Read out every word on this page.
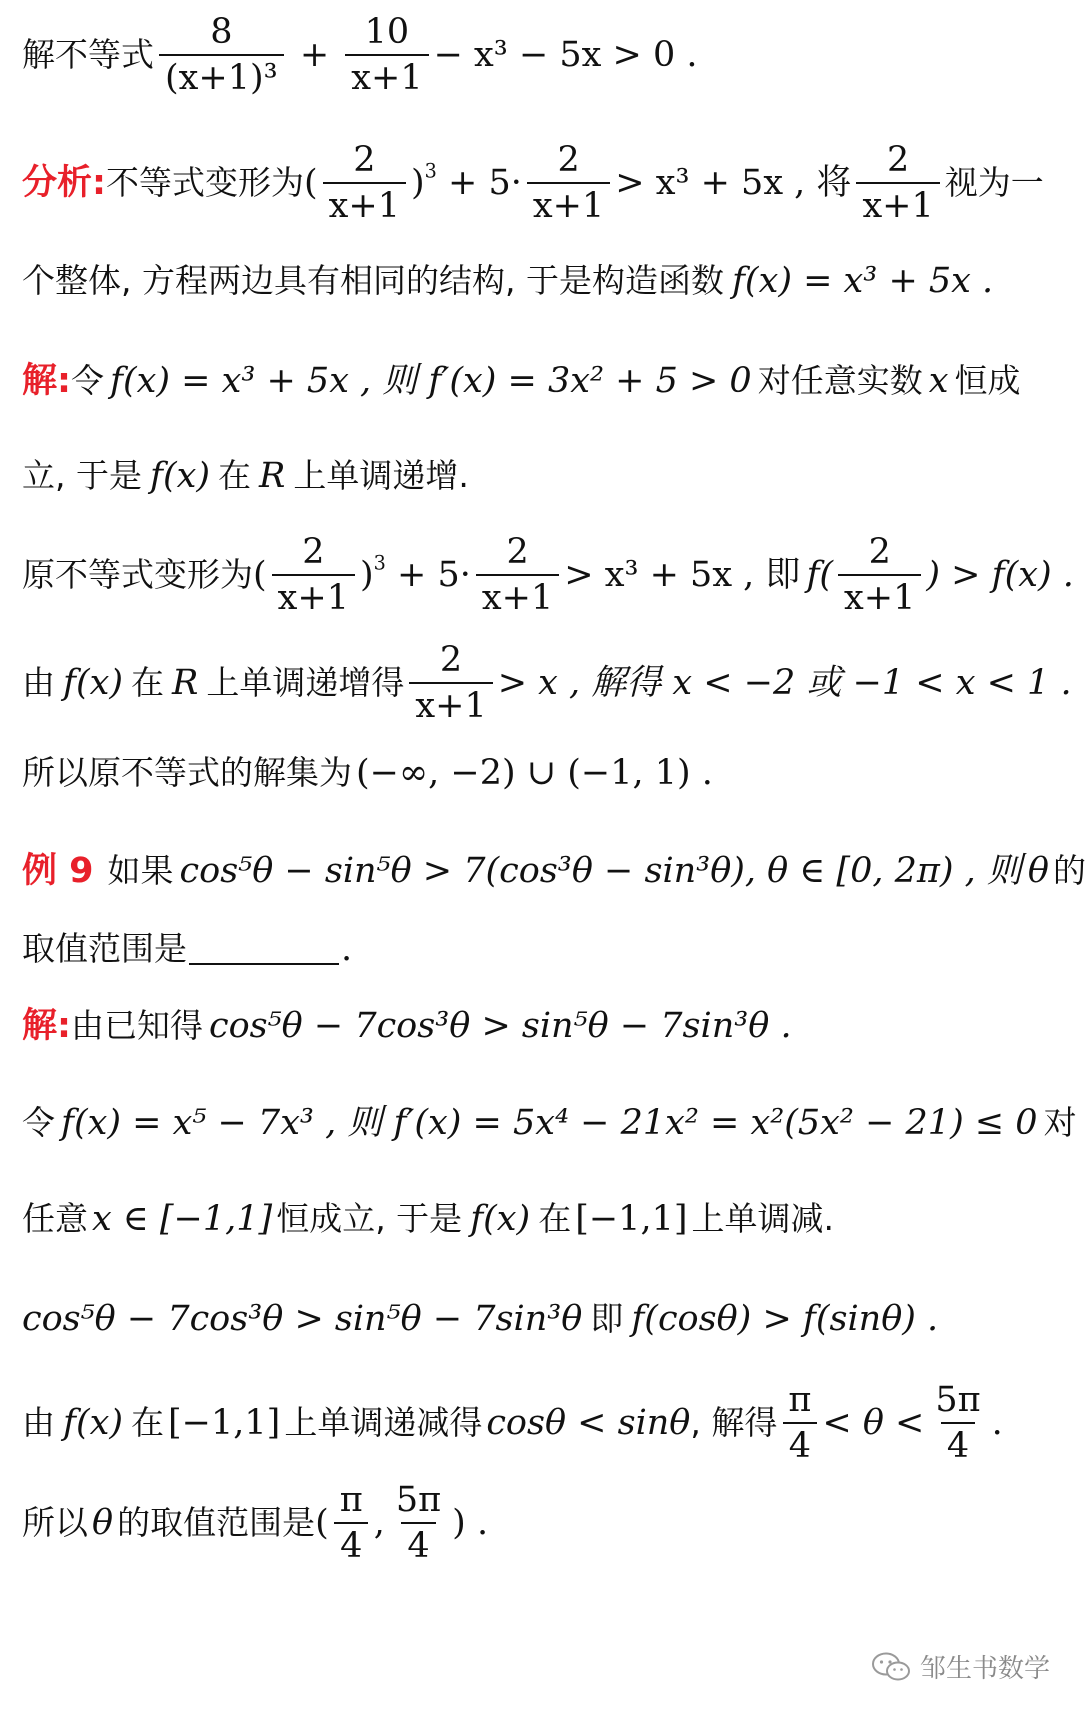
解不等式 $\frac{8}{\text{(x+1)³}} + \frac{10}{x+1} - x^3 - 5x > 0$ .
分析: 不等式变形为 ( $\frac{2}{x+1} )^3 + 5\cdot \frac{2}{x+1} > x^3 + 5x$ , 将 $\frac{2}{x+1}$ 视为一
个整体, 方程两边具有相同的结构, 于是构造函数 f(x) = x³ + 5x .
解: 令 f(x) = x³ + 5x , 则 f′(x) = 3x² + 5 > 0 对任意实数 x 恒成
立, 于是 f(x) 在 R 上单调递增.
原不等式变形为 ( $\frac{2}{x+1} )^3 + 5\cdot \frac{2}{x+1} > x^3 + 5x$ , 即 $f( \frac{2}{x+1}$ ) > f(x) .
由 f(x) 在 R 上单调递增得 $\frac{2}{x+1} > x$ , 解得 x < −2 或 −1 < x < 1 .
所以原不等式的解集为 (−∞, −2) ∪ (−1, 1) .
例 9 如果 cos⁵θ − sin⁵θ > 7(cos³θ − sin³θ), θ ∈ [0, 2π) , 则 θ 的
取值范围是	.
解: 由已知得 cos⁵θ − 7cos³θ > sin⁵θ − 7sin³θ .
令 f(x) = x⁵ − 7x³ , 则 f′(x) = 5x⁴ − 21x² = x²(5x² − 21) ≤ 0 对
任意 x ∈ [−1,1] 恒成立, 于是 f(x) 在 [−1,1] 上单调减.
cos⁵θ − 7cos³θ > sin⁵θ − 7sin³θ 即 f(cosθ) > f(sinθ) .
由 f(x) 在 [−1,1] 上单调递减得 cosθ < sinθ , 解得 $\frac{\pi}{4} < \theta < \frac{5\pi}{4}$ .
所以 θ 的取值范围是 ( $\frac{\pi}{4}$ , $\frac{5\pi}{4}$ ) .
邹生书数学
